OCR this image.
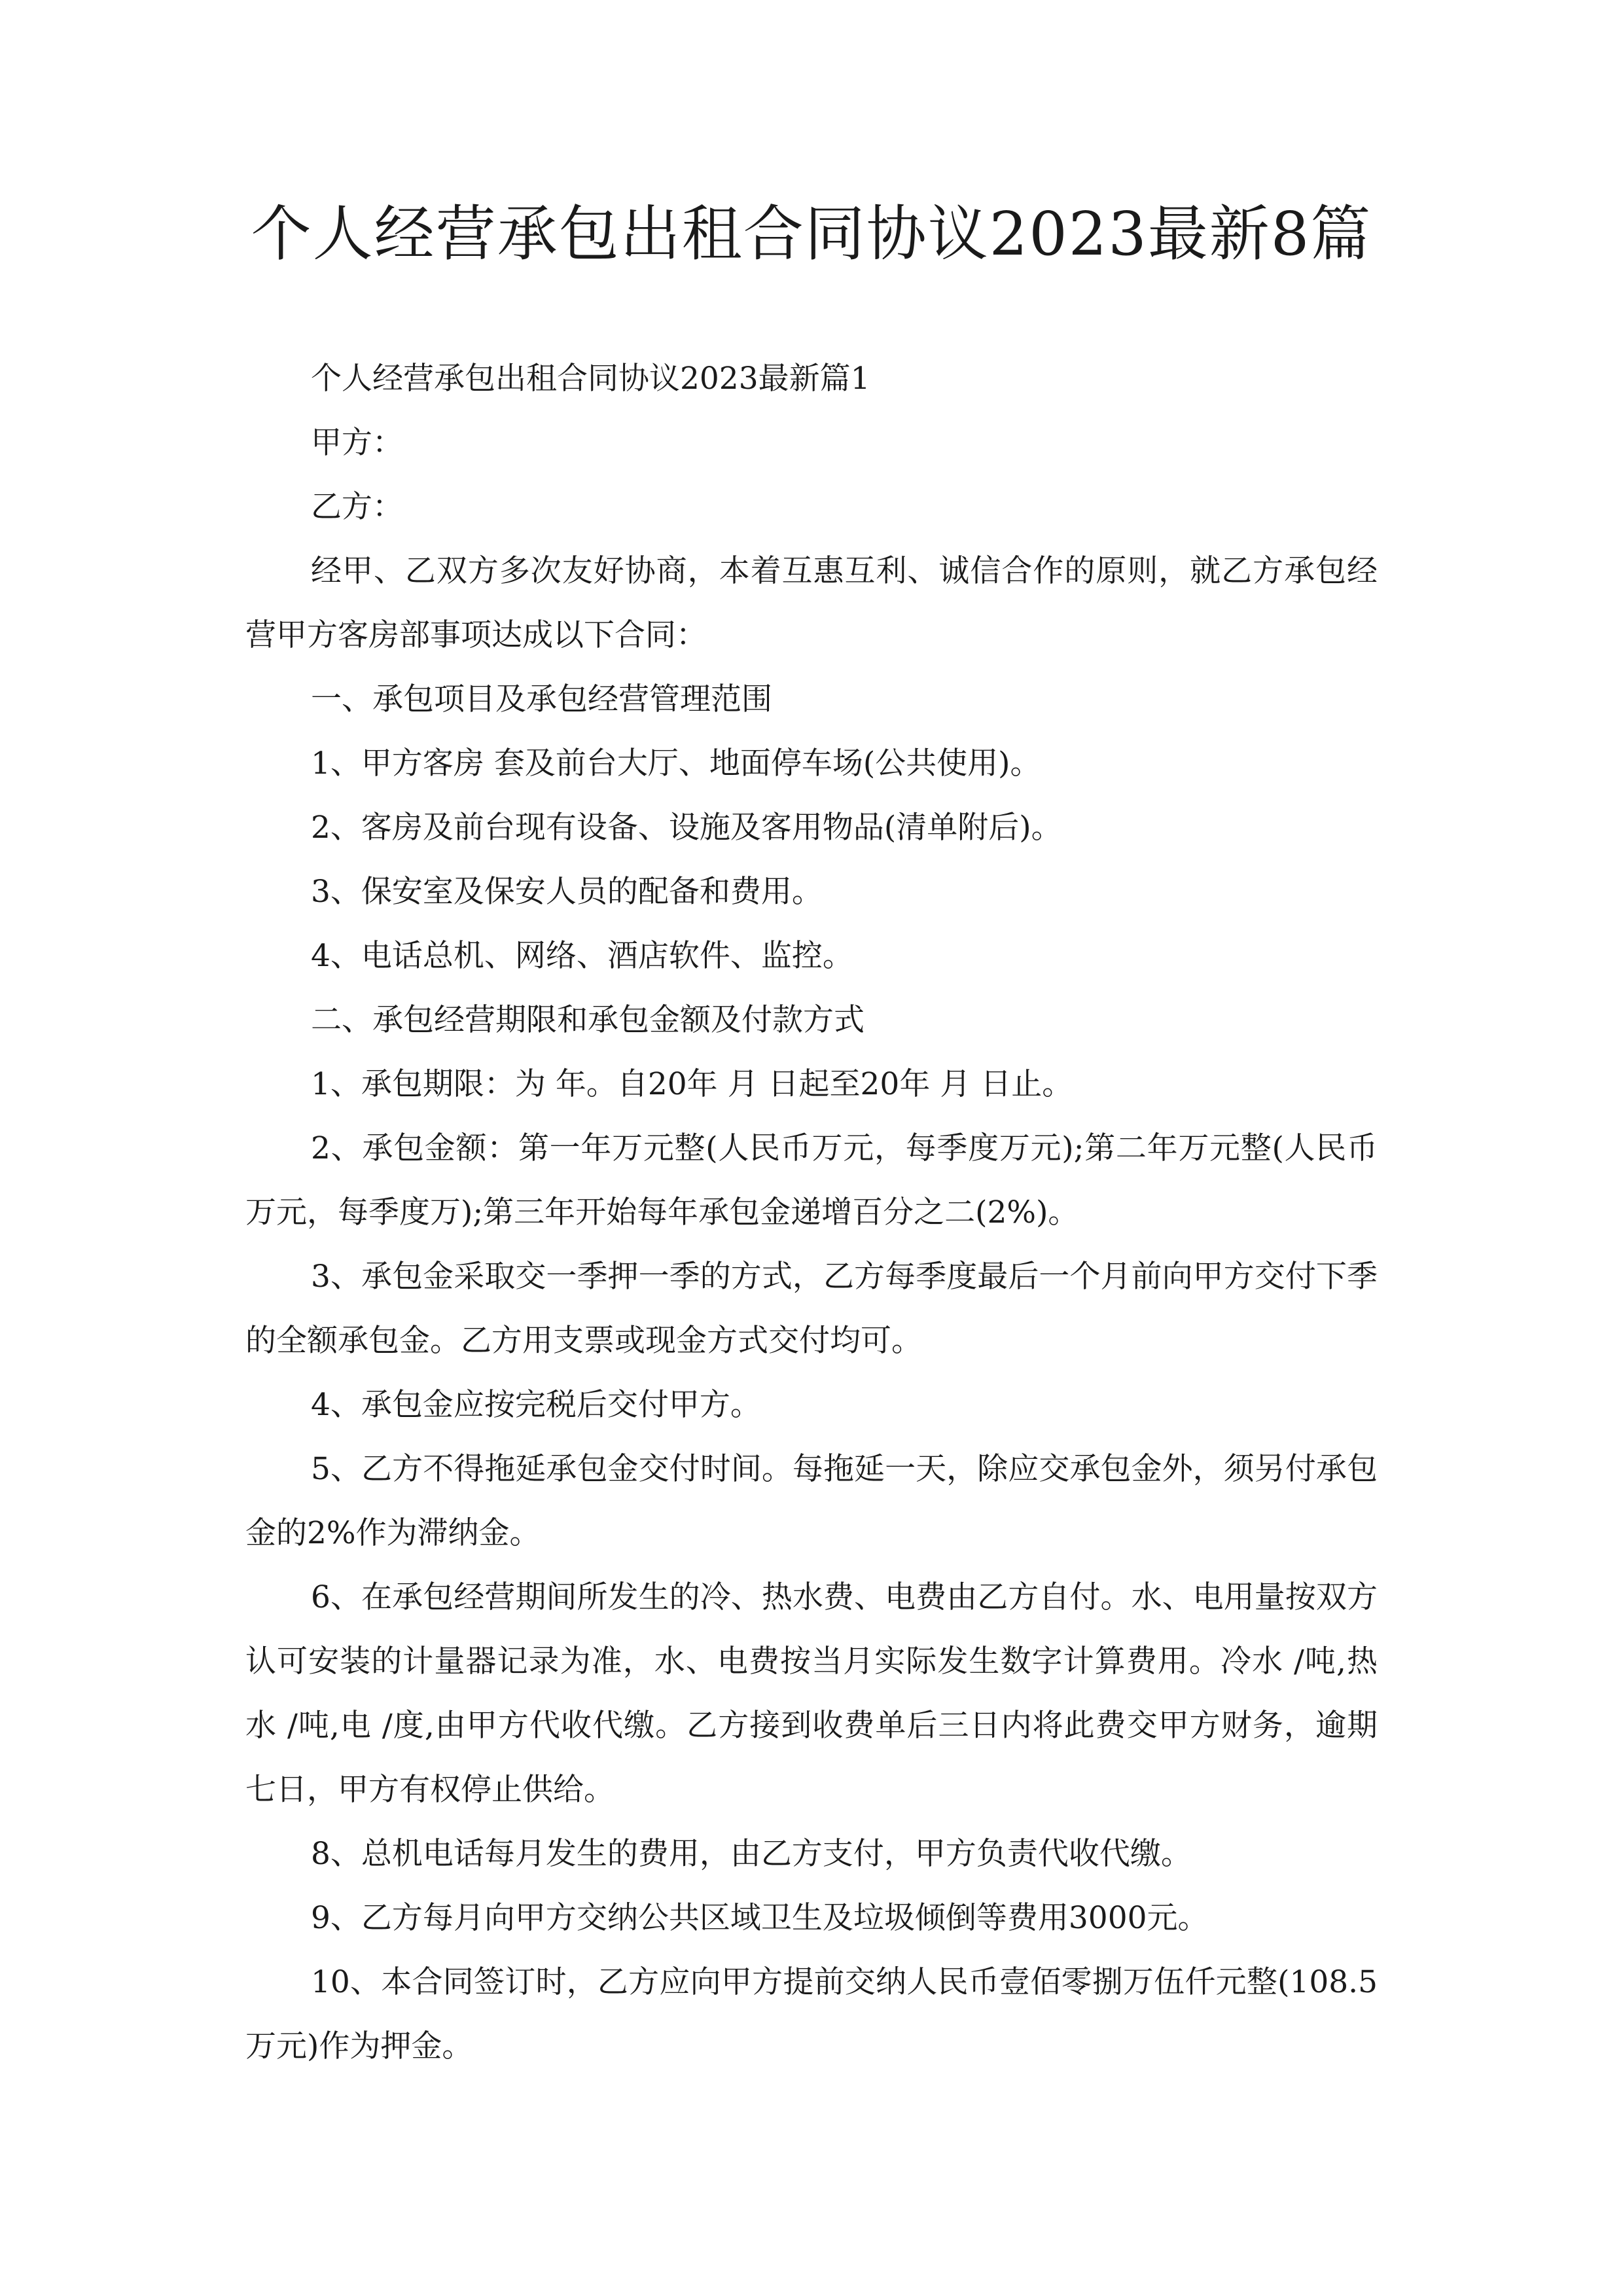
个人经营承包出租合同协议2023最新8篇

个人经营承包出租合同协议2023最新篇1

甲方：

乙方：

经甲、乙双方多次友好协商，本着互惠互利、诚信合作的原则，就乙方承包经营甲方客房部事项达成以下合同：

一、承包项目及承包经营管理范围

1、甲方客房 套及前台大厅、地面停车场(公共使用)。

2、客房及前台现有设备、设施及客用物品(清单附后)。

3、保安室及保安人员的配备和费用。

4、电话总机、网络、酒店软件、监控。

二、承包经营期限和承包金额及付款方式

1、承包期限：为 年。自20年 月 日起至20年 月 日止。

2、承包金额：第一年万元整(人民币万元，每季度万元);第二年万元整(人民币万元，每季度万);第三年开始每年承包金递增百分之二(2%)。

3、承包金采取交一季押一季的方式，乙方每季度最后一个月前向甲方交付下季的全额承包金。乙方用支票或现金方式交付均可。

4、承包金应按完税后交付甲方。

5、乙方不得拖延承包金交付时间。每拖延一天，除应交承包金外，须另付承包金的2%作为滞纳金。

6、在承包经营期间所发生的冷、热水费、电费由乙方自付。水、电用量按双方认可安装的计量器记录为准，水、电费按当月实际发生数字计算费用。冷水 /吨,热水 /吨,电 /度,由甲方代收代缴。乙方接到收费单后三日内将此费交甲方财务，逾期七日，甲方有权停止供给。

8、总机电话每月发生的费用，由乙方支付，甲方负责代收代缴。

9、乙方每月向甲方交纳公共区域卫生及垃圾倾倒等费用3000元。

10、本合同签订时，乙方应向甲方提前交纳人民币壹佰零捌万伍仟元整(108.5万元)作为押金。
